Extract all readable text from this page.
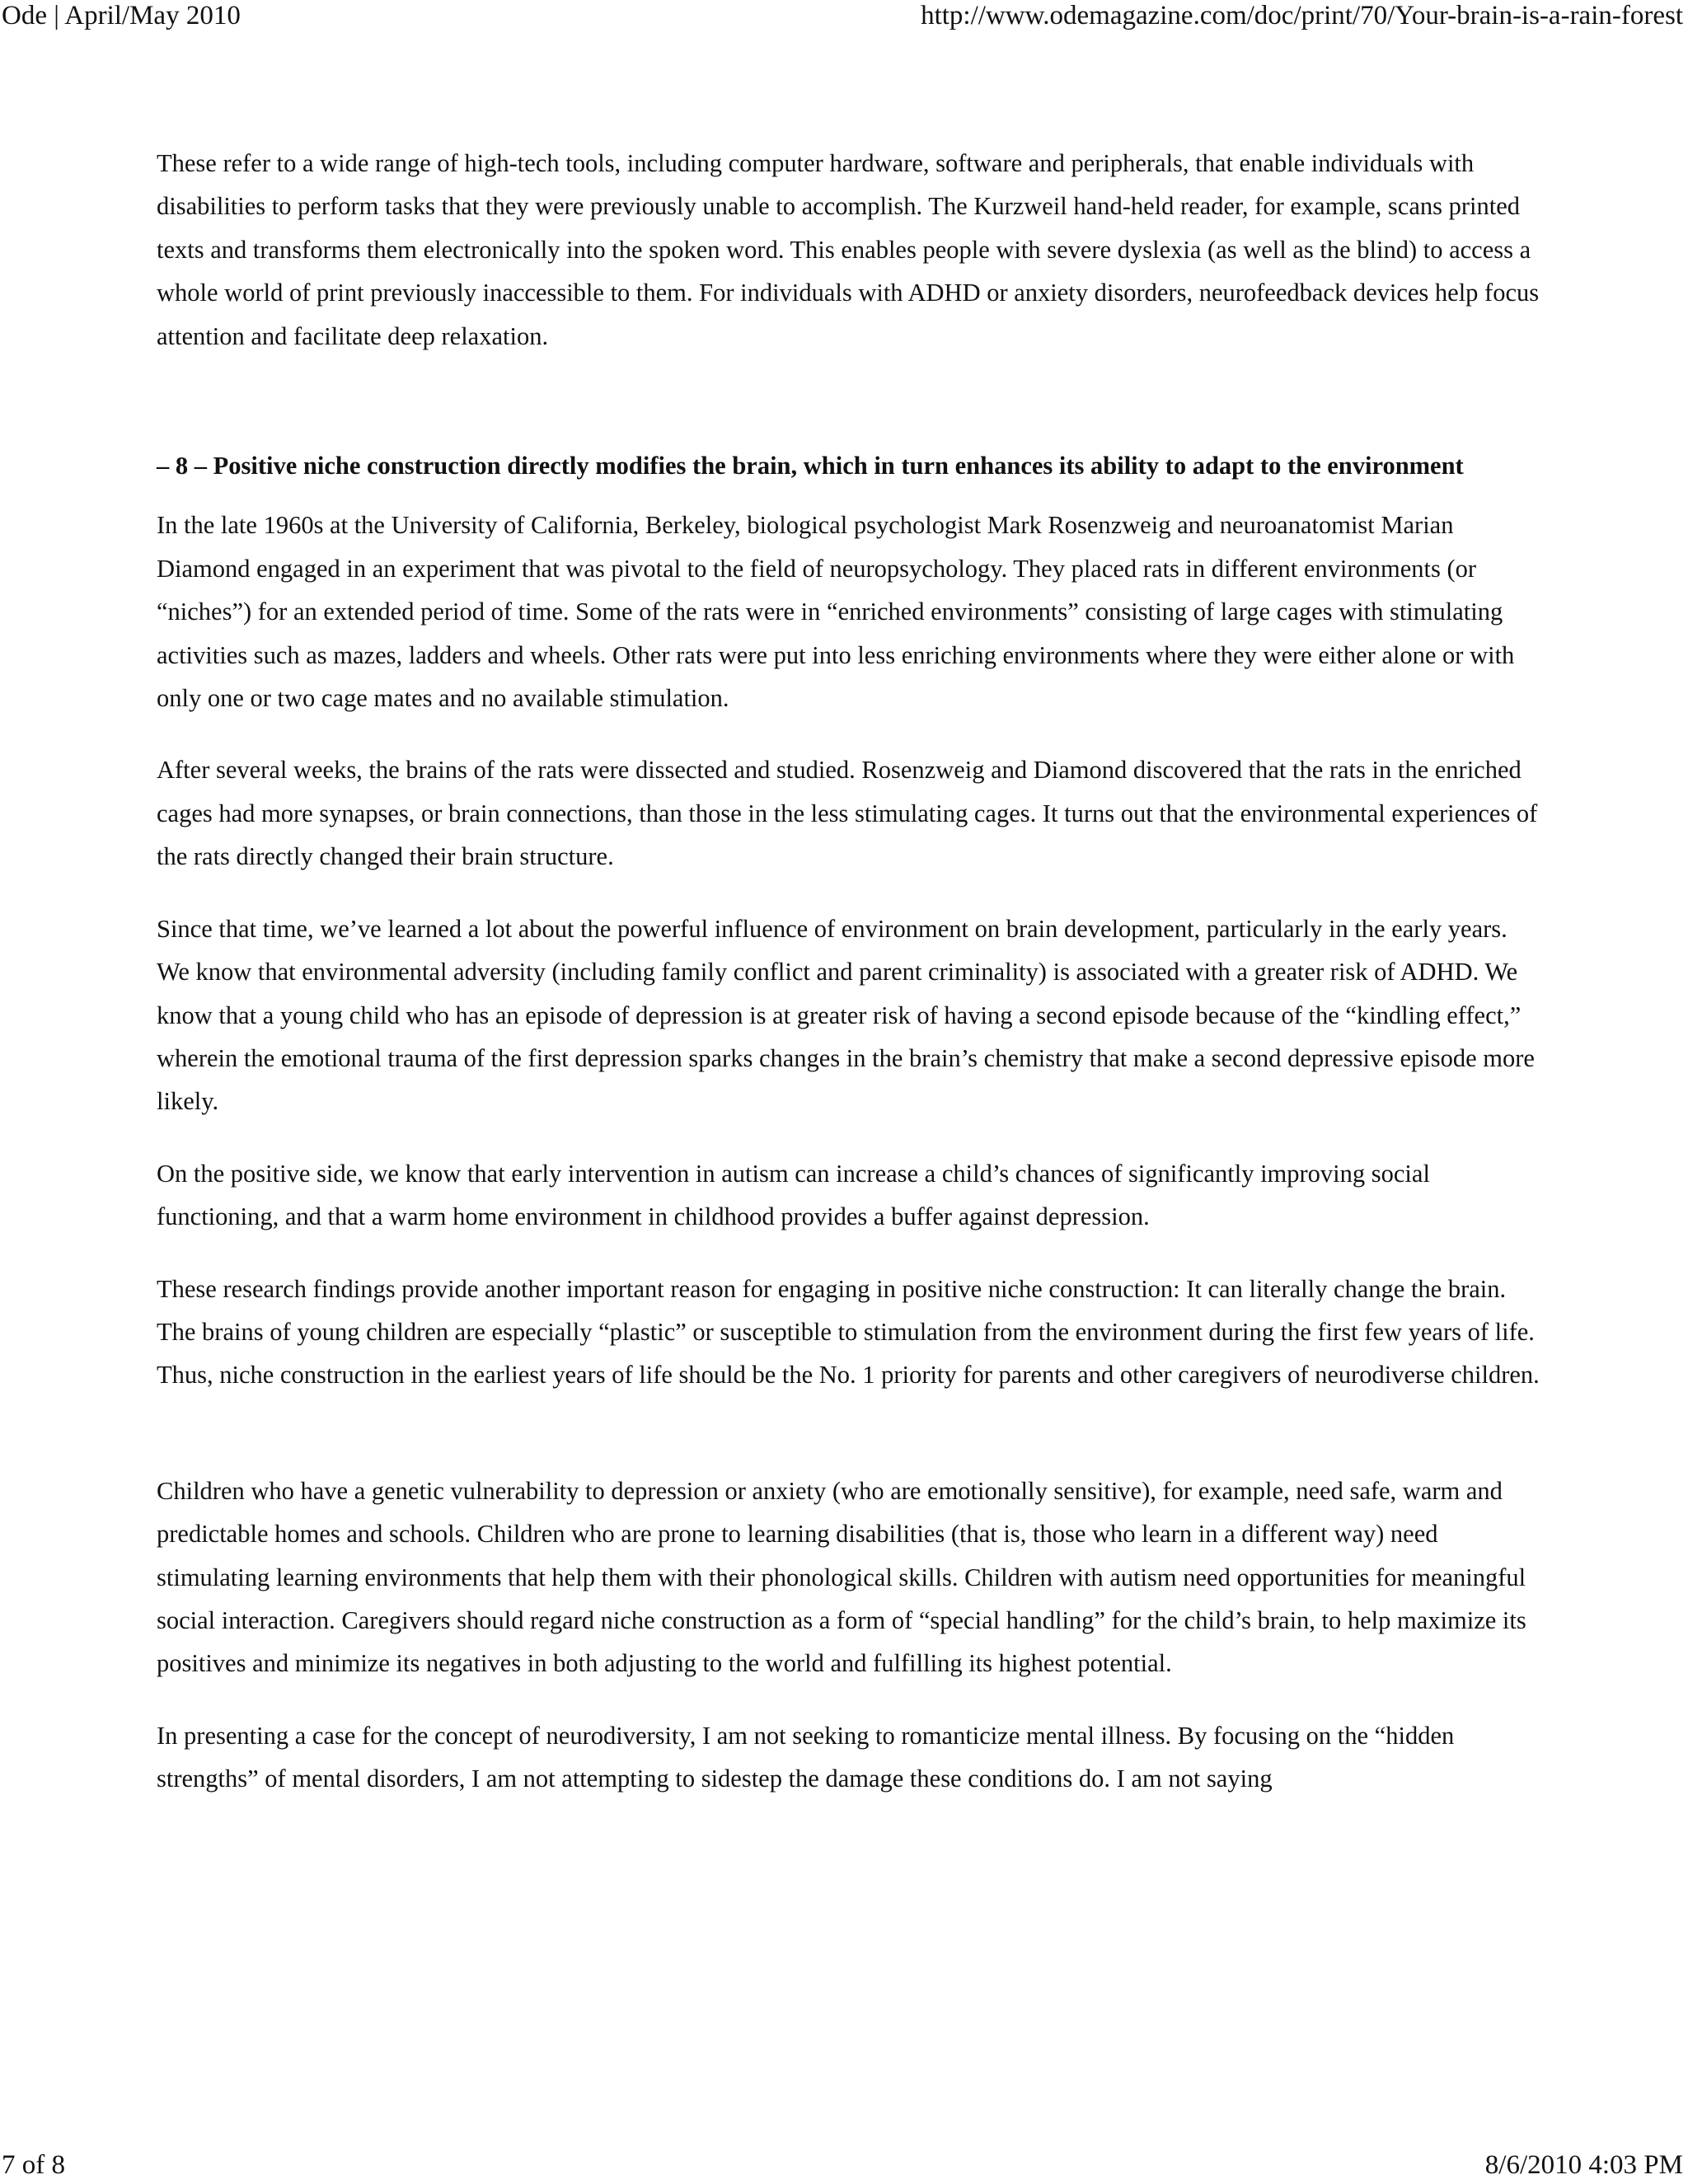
Ode | April/May 2010	http://www.odemagazine.com/doc/print/70/Your-brain-is-a-rain-forest

These refer to a wide range of high-tech tools, including computer hardware, software and peripherals, that enable individuals with disabilities to perform tasks that they were previously unable to accomplish. The Kurzweil hand-held reader, for example, scans printed texts and transforms them electronically into the spoken word. This enables people with severe dyslexia (as well as the blind) to access a whole world of print previously inaccessible to them. For individuals with ADHD or anxiety disorders, neurofeedback devices help focus attention and facilitate deep relaxation.

– 8 – Positive niche construction directly modifies the brain, which in turn enhances its ability to adapt to the environment

In the late 1960s at the University of California, Berkeley, biological psychologist Mark Rosenzweig and neuroanatomist Marian Diamond engaged in an experiment that was pivotal to the field of neuropsychology. They placed rats in different environments (or “niches”) for an extended period of time. Some of the rats were in “enriched environments” consisting of large cages with stimulating activities such as mazes, ladders and wheels. Other rats were put into less enriching environments where they were either alone or with only one or two cage mates and no available stimulation.

After several weeks, the brains of the rats were dissected and studied. Rosenzweig and Diamond discovered that the rats in the enriched cages had more synapses, or brain connections, than those in the less stimulating cages. It turns out that the environmental experiences of the rats directly changed their brain structure.

Since that time, we’ve learned a lot about the powerful influence of environment on brain development, particularly in the early years. We know that environmental adversity (including family conflict and parent criminality) is associated with a greater risk of ADHD. We know that a young child who has an episode of depression is at greater risk of having a second episode because of the “kindling effect,” wherein the emotional trauma of the first depression sparks changes in the brain’s chemistry that make a second depressive episode more likely.

On the positive side, we know that early intervention in autism can increase a child’s chances of significantly improving social functioning, and that a warm home environment in childhood provides a buffer against depression.

These research findings provide another important reason for engaging in positive niche construction: It can literally change the brain. The brains of young children are especially “plastic” or susceptible to stimulation from the environment during the first few years of life. Thus, niche construction in the earliest years of life should be the No. 1 priority for parents and other caregivers of neurodiverse children.

Children who have a genetic vulnerability to depression or anxiety (who are emotionally sensitive), for example, need safe, warm and predictable homes and schools. Children who are prone to learning disabilities (that is, those who learn in a different way) need stimulating learning environments that help them with their phonological skills. Children with autism need opportunities for meaningful social interaction. Caregivers should regard niche construction as a form of “special handling” for the child’s brain, to help maximize its positives and minimize its negatives in both adjusting to the world and fulfilling its highest potential.

In presenting a case for the concept of neurodiversity, I am not seeking to romanticize mental illness. By focusing on the “hidden strengths” of mental disorders, I am not attempting to sidestep the damage these conditions do. I am not saying

7 of 8	8/6/2010 4:03 PM
